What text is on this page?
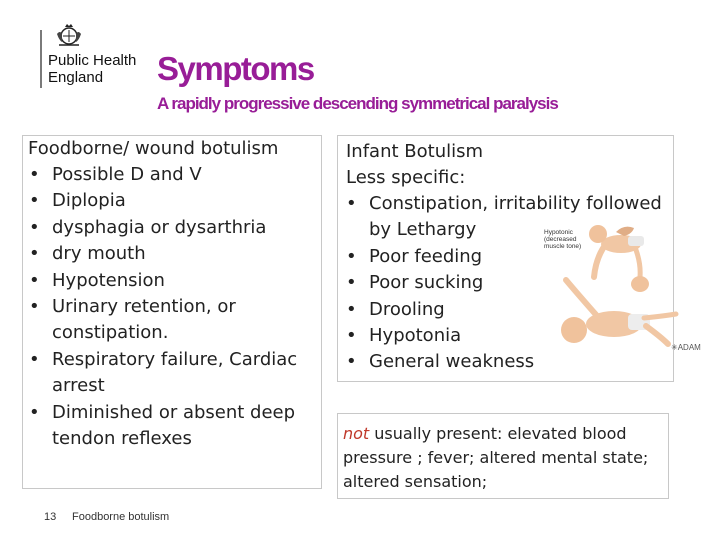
Public Health
England	Symptoms
A rapidly progressive descending symmetrical paralysis
Foodborne/ wound botulism
• Possible D and V
• Diplopia
• dysphagia or dysarthria
• dry mouth
• Hypotension
• Urinary retention, or constipation.
• Respiratory failure, Cardiac arrest
• Diminished or absent deep tendon reflexes
Infant Botulism
Less specific:
• Constipation, irritability followed by Lethargy
• Poor feeding
• Poor sucking
• Drooling
• Hypotonia
• General weakness
Hypotonic (decreased muscle tone)
✳ADAM
not usually present: elevated blood pressure ; fever; altered mental state; altered sensation;
13 Foodborne botulism
